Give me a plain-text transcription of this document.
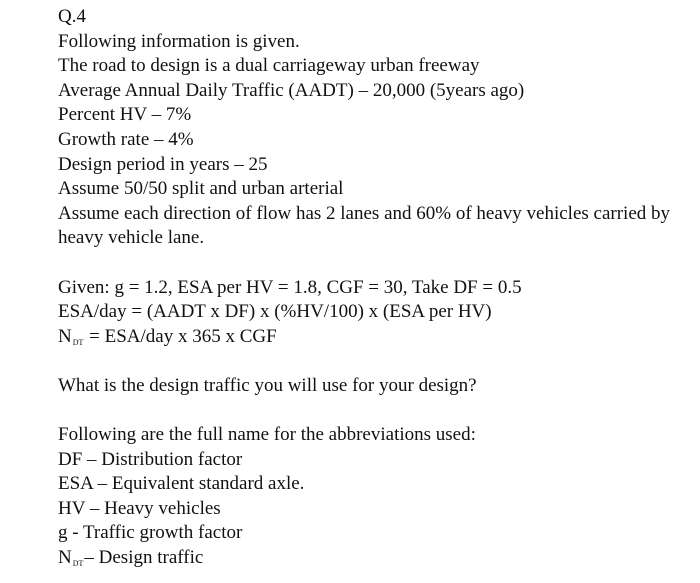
Q.4
Following information is given.
The road to design is a dual carriageway urban freeway
Average Annual Daily Traffic (AADT) – 20,000 (5years ago)
Percent HV – 7%
Growth rate – 4%
Design period in years – 25
Assume 50/50 split and urban arterial
Assume each direction of flow has 2 lanes and 60% of heavy vehicles carried by heavy vehicle lane.
Given: g = 1.2, ESA per HV = 1.8, CGF = 30, Take DF = 0.5
ESA/day = (AADT x DF) x (%HV/100) x (ESA per HV)
$N_{DT} = ESA/day$ x 365 x CGF
What is the design traffic you will use for your design?
Following are the full name for the abbreviations used:
DF – Distribution factor
ESA – Equivalent standard axle.
HV – Heavy vehicles
g - Traffic growth factor
$N_{DT}-$ Design traffic
